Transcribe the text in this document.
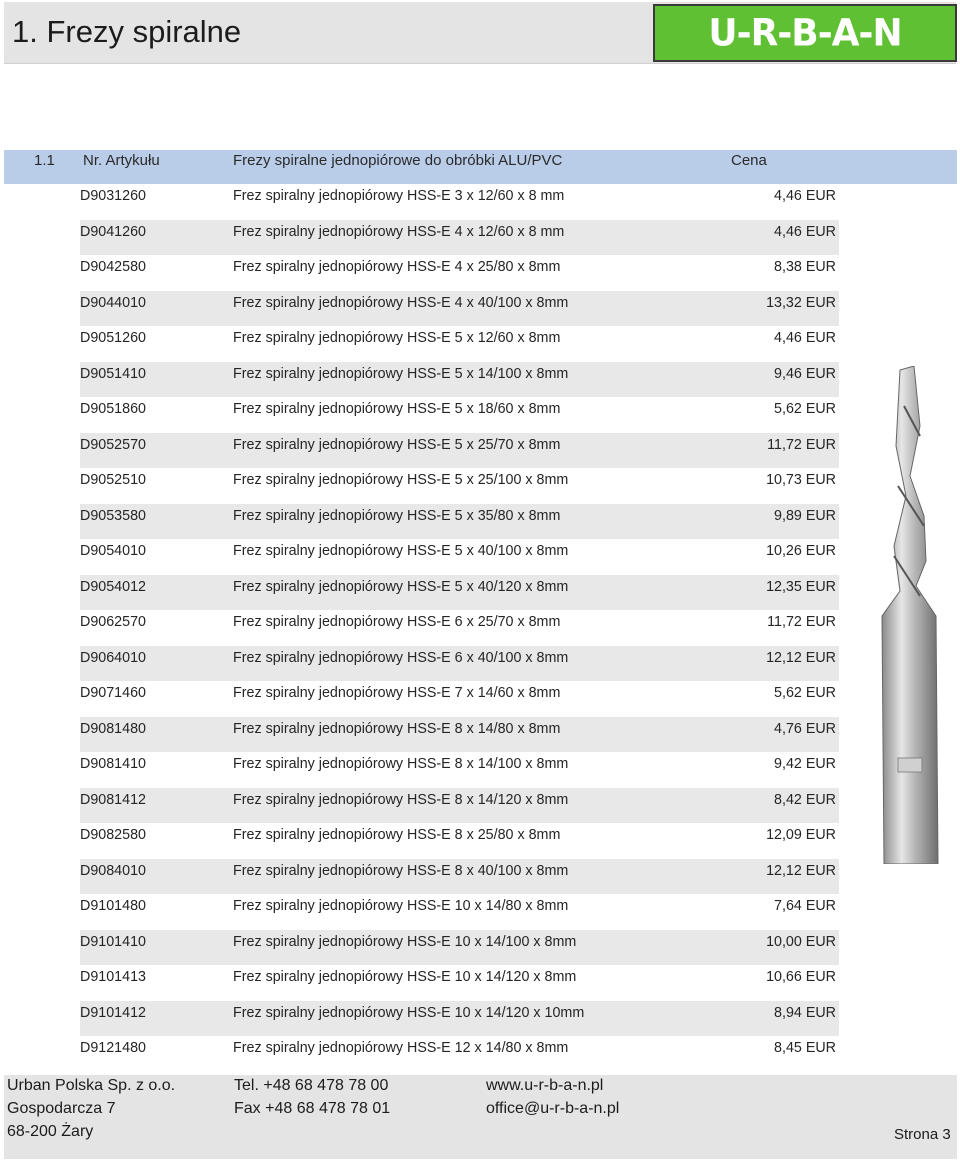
1. Frezy spiralne	U-R-B-A-N
1.1 Nr. Artykułu	Frezy spiralne jednopiórowe do obróbki ALU/PVC	Cena
D9031260	Frez spiralny jednopiórowy HSS-E 3 x 12/60 x 8 mm	4,46 EUR
D9041260	Frez spiralny jednopiórowy HSS-E 4 x 12/60 x 8 mm	4,46 EUR
D9042580	Frez spiralny jednopiórowy HSS-E 4 x 25/80 x 8mm	8,38 EUR
D9044010	Frez spiralny jednopiórowy HSS-E 4 x 40/100 x 8mm	13,32 EUR
D9051260	Frez spiralny jednopiórowy HSS-E 5 x 12/60 x 8mm	4,46 EUR
D9051410	Frez spiralny jednopiórowy HSS-E 5 x 14/100 x 8mm	9,46 EUR
D9051860	Frez spiralny jednopiórowy HSS-E 5 x 18/60 x 8mm	5,62 EUR
D9052570	Frez spiralny jednopiórowy HSS-E 5 x 25/70 x 8mm	11,72 EUR
D9052510	Frez spiralny jednopiórowy HSS-E 5 x 25/100 x 8mm	10,73 EUR
D9053580	Frez spiralny jednopiórowy HSS-E 5 x 35/80 x 8mm	9,89 EUR
D9054010	Frez spiralny jednopiórowy HSS-E 5 x 40/100 x 8mm	10,26 EUR
D9054012	Frez spiralny jednopiórowy HSS-E 5 x 40/120 x 8mm	12,35 EUR
D9062570	Frez spiralny jednopiórowy HSS-E 6 x 25/70 x 8mm	11,72 EUR
D9064010	Frez spiralny jednopiórowy HSS-E 6 x 40/100 x 8mm	12,12 EUR
D9071460	Frez spiralny jednopiórowy HSS-E 7 x 14/60 x 8mm	5,62 EUR
D9081480	Frez spiralny jednopiórowy HSS-E 8 x 14/80 x 8mm	4,76 EUR
D9081410	Frez spiralny jednopiórowy HSS-E 8 x 14/100 x 8mm	9,42 EUR
D9081412	Frez spiralny jednopiórowy HSS-E 8 x 14/120 x 8mm	8,42 EUR
D9082580	Frez spiralny jednopiórowy HSS-E 8 x 25/80 x 8mm	12,09 EUR
D9084010	Frez spiralny jednopiórowy HSS-E 8 x 40/100 x 8mm	12,12 EUR
D9101480	Frez spiralny jednopiórowy HSS-E 10 x 14/80 x 8mm	7,64 EUR
D9101410	Frez spiralny jednopiórowy HSS-E 10 x 14/100 x 8mm	10,00 EUR
D9101413	Frez spiralny jednopiórowy HSS-E 10 x 14/120 x 8mm	10,66 EUR
D9101412	Frez spiralny jednopiórowy HSS-E 10 x 14/120 x 10mm	8,94 EUR
D9121480	Frez spiralny jednopiórowy HSS-E 12 x 14/80 x 8mm	8,45 EUR
Urban Polska Sp. z o.o.
Gospodarcza 7
68-200 Żary
Tel. +48 68 478 78 00
Fax +48 68 478 78 01
www.u-r-b-a-n.pl
office@u-r-b-a-n.pl
Strona 3
